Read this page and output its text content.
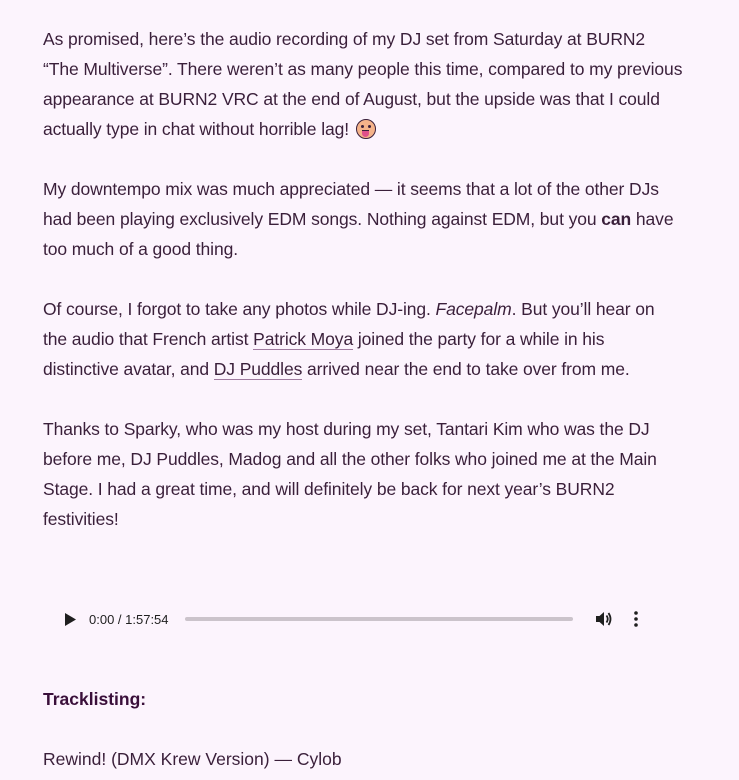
As promised, here’s the audio recording of my DJ set from Saturday at BURN2 “The Multiverse”. There weren’t as many people this time, compared to my previous appearance at BURN2 VRC at the end of August, but the upside was that I could actually type in chat without horrible lag!

My downtempo mix was much appreciated — it seems that a lot of the other DJs had been playing exclusively EDM songs. Nothing against EDM, but you can have too much of a good thing.

Of course, I forgot to take any photos while DJ-ing. Facepalm. But you’ll hear on the audio that French artist Patrick Moya joined the party for a while in his distinctive avatar, and DJ Puddles arrived near the end to take over from me.

Thanks to Sparky, who was my host during my set, Tantari Kim who was the DJ before me, DJ Puddles, Madog and all the other folks who joined me at the Main Stage. I had a great time, and will definitely be back for next year’s BURN2 festivities!

0:00 / 1:57:54
Tracklisting:
Rewind! (DMX Krew Version) — Cylob
